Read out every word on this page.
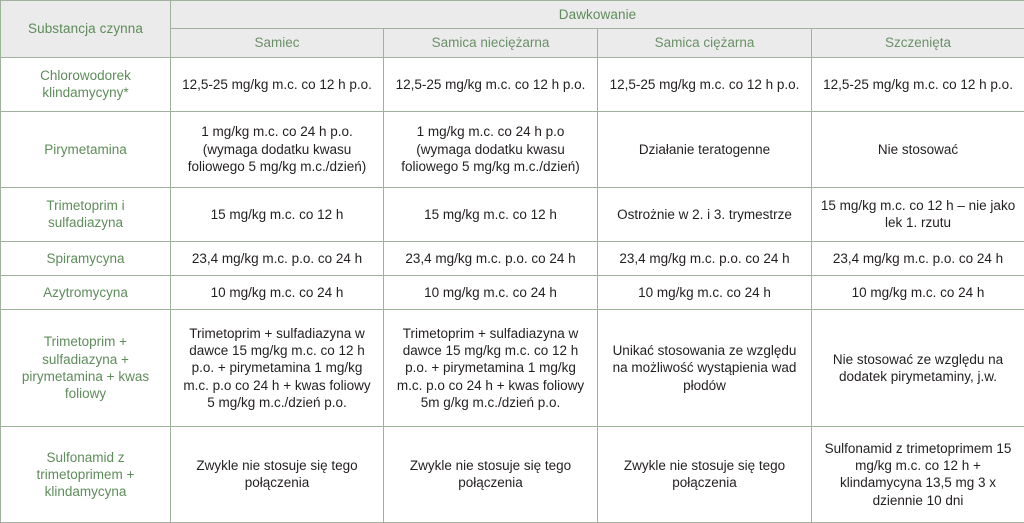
Substancja czynna	Dawkowanie			
	Samiec	Samica nieciężarna	Samica ciężarna	Szczenięta
Chlorowodorek klindamycyny*	12,5-25 mg/kg m.c. co 12 h p.o.	12,5-25 mg/kg m.c. co 12 h p.o.	12,5-25 mg/kg m.c. co 12 h p.o.	12,5-25 mg/kg m.c. co 12 h p.o.
Pirymetamina	1 mg/kg m.c. co 24 h p.o. (wymaga dodatku kwasu foliowego 5 mg/kg m.c./dzień)	1 mg/kg m.c. co 24 h p.o (wymaga dodatku kwasu foliowego 5 mg/kg m.c./dzień)	Działanie teratogenne	Nie stosować
Trimetoprim i sulfadiazyna	15 mg/kg m.c. co 12 h	15 mg/kg m.c. co 12 h	Ostrożnie w 2. i 3. trymestrze	15 mg/kg m.c. co 12 h – nie jako lek 1. rzutu
Spiramycyna	23,4 mg/kg m.c. p.o. co 24 h	23,4 mg/kg m.c. p.o. co 24 h	23,4 mg/kg m.c. p.o. co 24 h	23,4 mg/kg m.c. p.o. co 24 h
Azytromycyna	10 mg/kg m.c. co 24 h	10 mg/kg m.c. co 24 h	10 mg/kg m.c. co 24 h	10 mg/kg m.c. co 24 h
Trimetoprim + sulfadiazyna + pirymetamina + kwas foliowy	Trimetoprim + sulfadiazyna w dawce 15 mg/kg m.c. co 12 h p.o. + pirymetamina 1 mg/kg m.c. p.o co 24 h + kwas foliowy 5 mg/kg m.c./dzień p.o.	Trimetoprim + sulfadiazyna w dawce 15 mg/kg m.c. co 12 h p.o. + pirymetamina 1 mg/kg m.c. p.o co 24 h + kwas foliowy 5m g/kg m.c./dzień p.o.	Unikać stosowania ze względu na możliwość wystąpienia wad płodów	Nie stosować ze względu na dodatek pirymetaminy, j.w.
Sulfonamid z trimetoprimem + klindamycyna	Zwykle nie stosuje się tego połączenia	Zwykle nie stosuje się tego połączenia	Zwykle nie stosuje się tego połączenia	Sulfonamid z trimetoprimem 15 mg/kg m.c. co 12 h + klindamycyna 13,5 mg 3 x dziennie 10 dni
